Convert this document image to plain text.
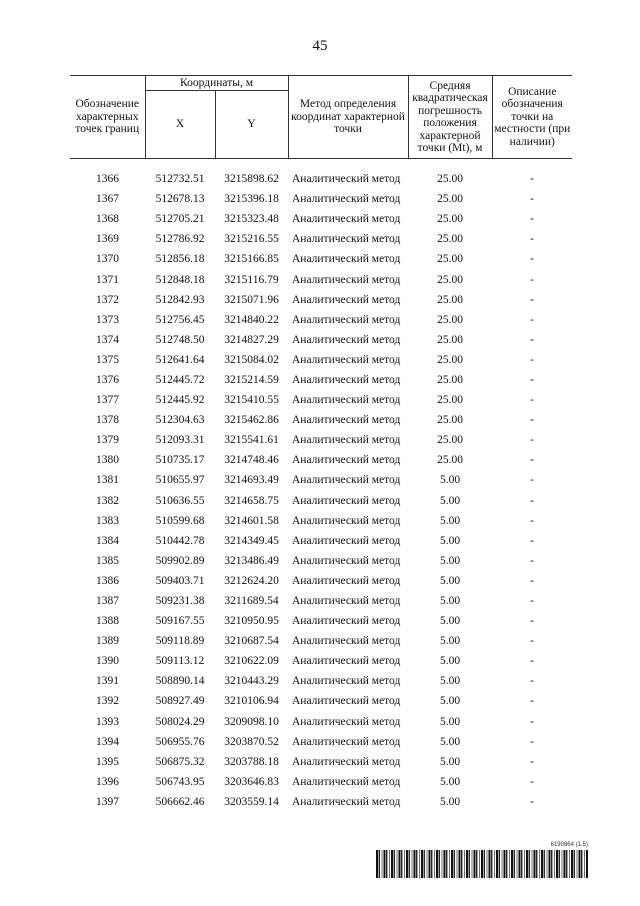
45
Обозначение характерных точек границ	Координаты, м		Метод определения координат характерной точки	Средняя квадратическая погрешность положения характерной точки (Mt), м	Описание обозначения точки на местности (при наличии)
	X	Y			
1366	512732.51	3215898.62	Аналитический метод	25.00	-
1367	512678.13	3215396.18	Аналитический метод	25.00	-
1368	512705.21	3215323.48	Аналитический метод	25.00	-
1369	512786.92	3215216.55	Аналитический метод	25.00	-
1370	512856.18	3215166.85	Аналитический метод	25.00	-
1371	512848.18	3215116.79	Аналитический метод	25.00	-
1372	512842.93	3215071.96	Аналитический метод	25.00	-
1373	512756.45	3214840.22	Аналитический метод	25.00	-
1374	512748.50	3214827.29	Аналитический метод	25.00	-
1375	512641.64	3215084.02	Аналитический метод	25.00	-
1376	512445.72	3215214.59	Аналитический метод	25.00	-
1377	512445.92	3215410.55	Аналитический метод	25.00	-
1378	512304.63	3215462.86	Аналитический метод	25.00	-
1379	512093.31	3215541.61	Аналитический метод	25.00	-
1380	510735.17	3214748.46	Аналитический метод	25.00	-
1381	510655.97	3214693.49	Аналитический метод	5.00	-
1382	510636.55	3214658.75	Аналитический метод	5.00	-
1383	510599.68	3214601.58	Аналитический метод	5.00	-
1384	510442.78	3214349.45	Аналитический метод	5.00	-
1385	509902.89	3213486.49	Аналитический метод	5.00	-
1386	509403.71	3212624.20	Аналитический метод	5.00	-
1387	509231.38	3211689.54	Аналитический метод	5.00	-
1388	509167.55	3210950.95	Аналитический метод	5.00	-
1389	509118.89	3210687.54	Аналитический метод	5.00	-
1390	509113.12	3210622.09	Аналитический метод	5.00	-
1391	508890.14	3210443.29	Аналитический метод	5.00	-
1392	508927.49	3210106.94	Аналитический метод	5.00	-
1393	508024.29	3209098.10	Аналитический метод	5.00	-
1394	506955.76	3203870.52	Аналитический метод	5.00	-
1395	506875.32	3203788.18	Аналитический метод	5.00	-
1396	506743.95	3203646.83	Аналитический метод	5.00	-
1397	506662.46	3203559.14	Аналитический метод	5.00	-
6190864 (1.5)
